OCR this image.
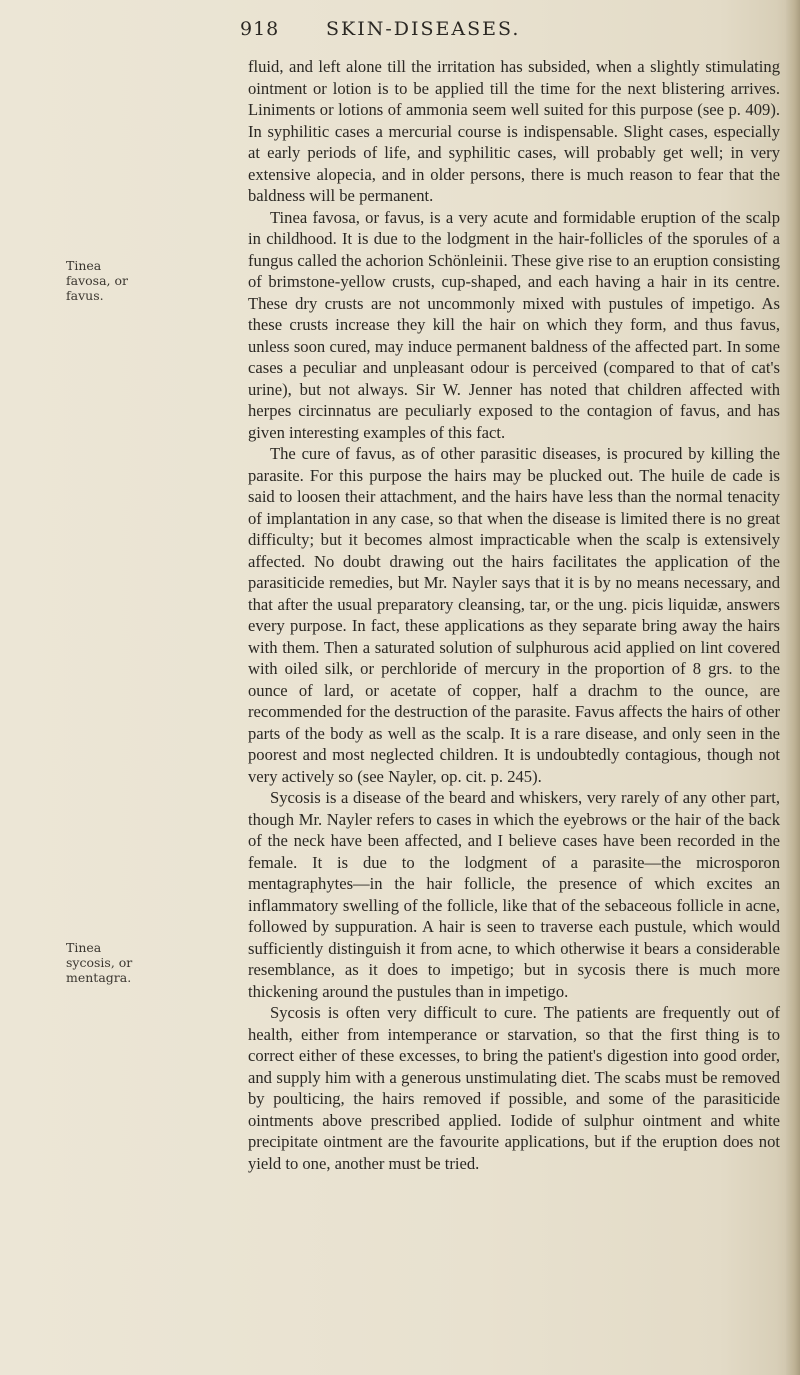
918 SKIN-DISEASES.
Tinea favosa, or favus.
Tinea sycosis, or mentagra.

fluid, and left alone till the irritation has subsided, when a slightly stimulating ointment or lotion is to be applied till the time for the next blistering arrives. Liniments or lotions of ammonia seem well suited for this purpose (see p. 409). In syphilitic cases a mercurial course is indispensable. Slight cases, especially at early periods of life, and syphilitic cases, will probably get well; in very extensive alopecia, and in older persons, there is much reason to fear that the baldness will be permanent.

Tinea favosa, or favus, is a very acute and formidable eruption of the scalp in childhood. It is due to the lodgment in the hair-follicles of the sporules of a fungus called the achorion Schönleinii. These give rise to an eruption consisting of brimstone-yellow crusts, cup-shaped, and each having a hair in its centre. These dry crusts are not uncommonly mixed with pustules of impetigo. As these crusts increase they kill the hair on which they form, and thus favus, unless soon cured, may induce permanent baldness of the affected part. In some cases a peculiar and unpleasant odour is perceived (compared to that of cat's urine), but not always. Sir W. Jenner has noted that children affected with herpes circinnatus are peculiarly exposed to the contagion of favus, and has given interesting examples of this fact.

The cure of favus, as of other parasitic diseases, is procured by killing the parasite. For this purpose the hairs may be plucked out. The huile de cade is said to loosen their attachment, and the hairs have less than the normal tenacity of implantation in any case, so that when the disease is limited there is no great difficulty; but it becomes almost impracticable when the scalp is extensively affected. No doubt drawing out the hairs facilitates the application of the parasiticide remedies, but Mr. Nayler says that it is by no means necessary, and that after the usual preparatory cleansing, tar, or the ung. picis liquidæ, answers every purpose. In fact, these applications as they separate bring away the hairs with them. Then a saturated solution of sulphurous acid applied on lint covered with oiled silk, or perchloride of mercury in the proportion of 8 grs. to the ounce of lard, or acetate of copper, half a drachm to the ounce, are recommended for the destruction of the parasite. Favus affects the hairs of other parts of the body as well as the scalp. It is a rare disease, and only seen in the poorest and most neglected children. It is undoubtedly contagious, though not very actively so (see Nayler, op. cit. p. 245).

Sycosis is a disease of the beard and whiskers, very rarely of any other part, though Mr. Nayler refers to cases in which the eyebrows or the hair of the back of the neck have been affected, and I believe cases have been recorded in the female. It is due to the lodgment of a parasite—the microsporon mentagraphytes—in the hair follicle, the presence of which excites an inflammatory swelling of the follicle, like that of the sebaceous follicle in acne, followed by suppuration. A hair is seen to traverse each pustule, which would sufficiently distinguish it from acne, to which otherwise it bears a considerable resemblance, as it does to impetigo; but in sycosis there is much more thickening around the pustules than in impetigo.

Sycosis is often very difficult to cure. The patients are frequently out of health, either from intemperance or starvation, so that the first thing is to correct either of these excesses, to bring the patient's digestion into good order, and supply him with a generous unstimulating diet. The scabs must be removed by poulticing, the hairs removed if possible, and some of the parasiticide ointments above prescribed applied. Iodide of sulphur ointment and white precipitate ointment are the favourite applications, but if the eruption does not yield to one, another must be tried.
